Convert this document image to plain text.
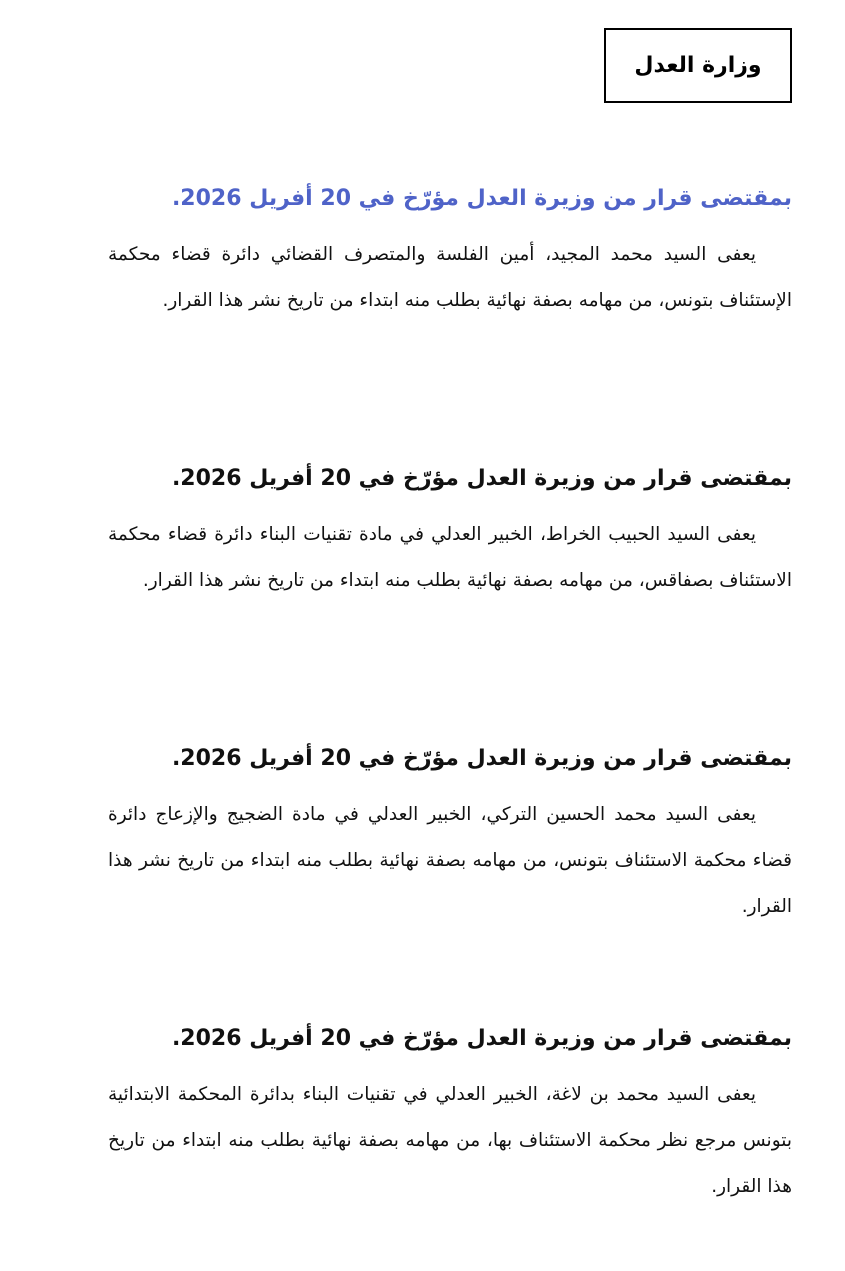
وزارة العدل

بمقتضى قرار من وزيرة العدل مؤرّخ في 20 أفريل 2026.

يعفى السيد محمد المجيد، أمين الفلسة والمتصرف القضائي دائرة قضاء محكمة الإستئناف بتونس، من مهامه بصفة نهائية بطلب منه ابتداء من تاريخ نشر هذا القرار.

بمقتضى قرار من وزيرة العدل مؤرّخ في 20 أفريل 2026.

يعفى السيد الحبيب الخراط، الخبير العدلي في مادة تقنيات البناء دائرة قضاء محكمة الاستئناف بصفاقس، من مهامه بصفة نهائية بطلب منه ابتداء من تاريخ نشر هذا القرار.

بمقتضى قرار من وزيرة العدل مؤرّخ في 20 أفريل 2026.

يعفى السيد محمد الحسين التركي، الخبير العدلي في مادة الضجيج والإزعاج دائرة قضاء محكمة الاستئناف بتونس، من مهامه بصفة نهائية بطلب منه ابتداء من تاريخ نشر هذا القرار.

بمقتضى قرار من وزيرة العدل مؤرّخ في 20 أفريل 2026.

يعفى السيد محمد بن لاغة، الخبير العدلي في تقنيات البناء بدائرة المحكمة الابتدائية بتونس مرجع نظر محكمة الاستئناف بها، من مهامه بصفة نهائية بطلب منه ابتداء من تاريخ هذا القرار.
